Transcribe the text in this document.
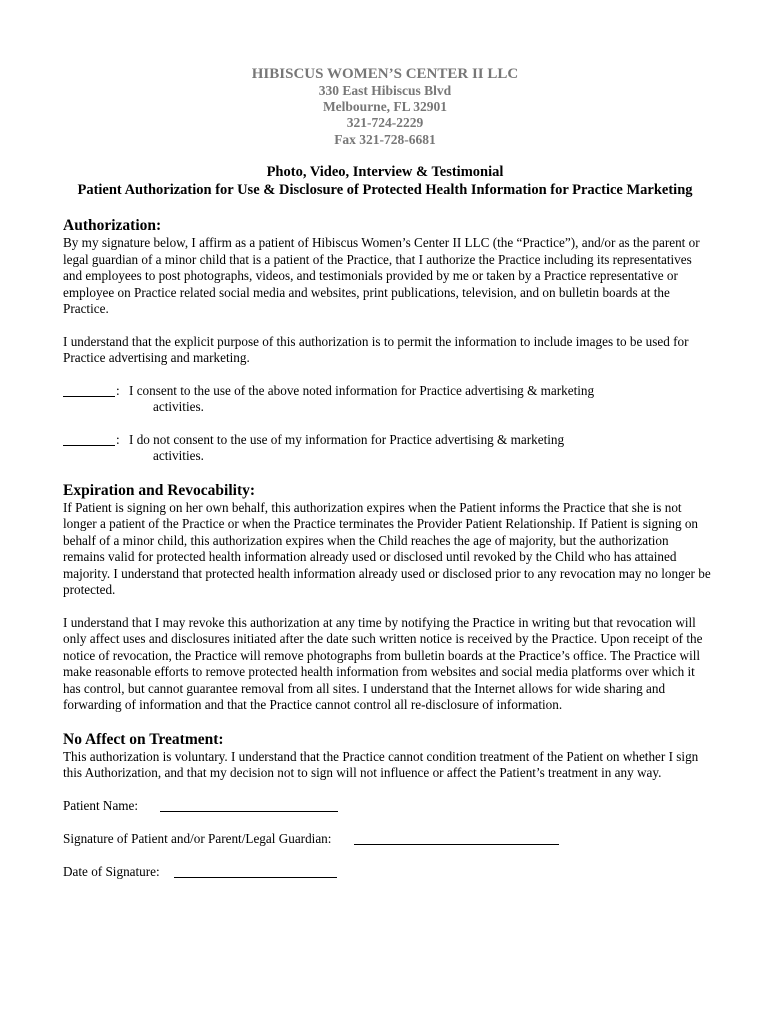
HIBISCUS WOMEN’S CENTER II LLC
330 East Hibiscus Blvd
Melbourne, FL 32901
321-724-2229
Fax 321-728-6681
Photo, Video, Interview & Testimonial
Patient Authorization for Use & Disclosure of Protected Health Information for Practice Marketing
Authorization:

By my signature below, I affirm as a patient of Hibiscus Women’s Center II LLC (the “Practice”), and/or as the parent or legal guardian of a minor child that is a patient of the Practice, that I authorize the Practice including its representatives and employees to post photographs, videos, and testimonials provided by me or taken by a Practice representative or employee on Practice related social media and websites, print publications, television, and on bulletin boards at the Practice.

I understand that the explicit purpose of this authorization is to permit the information to include images to be used for Practice advertising and marketing.

: I consent to the use of the above noted information for Practice advertising & marketing
activities.
: I do not consent to the use of my information for Practice advertising & marketing
activities.
Expiration and Revocability:

If Patient is signing on her own behalf, this authorization expires when the Patient informs the Practice that she is not longer a patient of the Practice or when the Practice terminates the Provider Patient Relationship. If Patient is signing on behalf of a minor child, this authorization expires when the Child reaches the age of majority, but the authorization remains valid for protected health information already used or disclosed until revoked by the Child who has attained majority. I understand that protected health information already used or disclosed prior to any revocation may no longer be protected.

I understand that I may revoke this authorization at any time by notifying the Practice in writing but that revocation will only affect uses and disclosures initiated after the date such written notice is received by the Practice. Upon receipt of the notice of revocation, the Practice will remove photographs from bulletin boards at the Practice’s office. The Practice will make reasonable efforts to remove protected health information from websites and social media platforms over which it has control, but cannot guarantee removal from all sites. I understand that the Internet allows for wide sharing and forwarding of information and that the Practice cannot control all re-disclosure of information.

No Affect on Treatment:

This authorization is voluntary. I understand that the Practice cannot condition treatment of the Patient on whether I sign this Authorization, and that my decision not to sign will not influence or affect the Patient’s treatment in any way.

Patient Name:
Signature of Patient and/or Parent/Legal Guardian:
Date of Signature:
